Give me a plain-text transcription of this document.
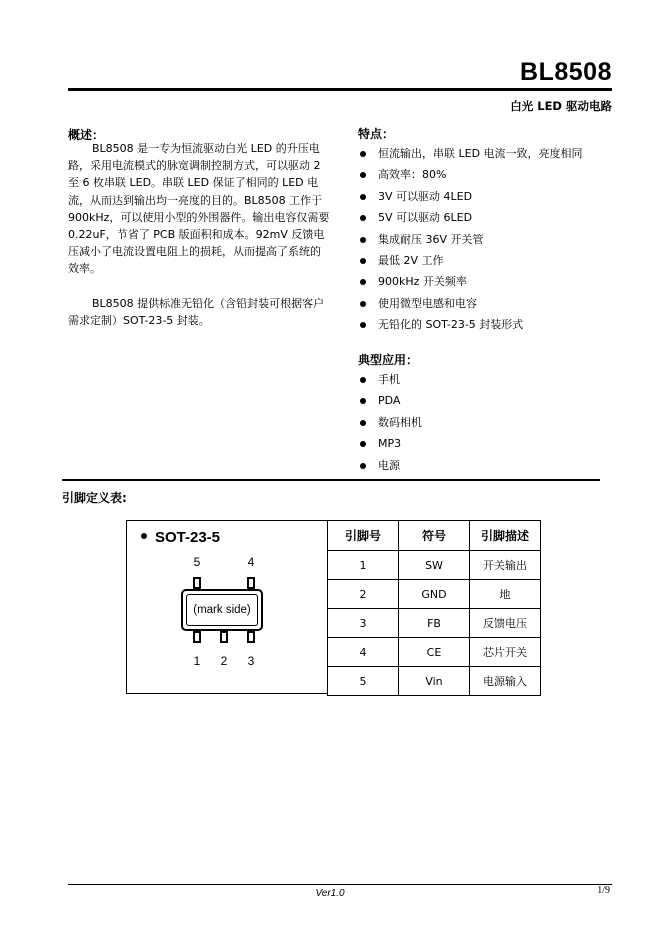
BL8508
白光 LED 驱动电路
概述：

BL8508 是一专为恒流驱动白光 LED 的升压电路，采用电流模式的脉宽调制控制方式，可以驱动 2 至 6 枚串联 LED。串联 LED 保证了相同的 LED 电流，从而达到输出均一亮度的目的。BL8508 工作于 900kHz，可以使用小型的外围器件。输出电容仅需要 0.22uF，节省了 PCB 版面积和成本。92mV 反馈电压减小了电流设置电阻上的损耗，从而提高了系统的效率。

BL8508 提供标准无铅化（含铅封装可根据客户需求定制）SOT-23-5 封装。

特点：
恒流输出，串联 LED 电流一致，亮度相同
高效率：80%
3V 可以驱动 4LED
5V 可以驱动 6LED
集成耐压 36V 开关管
最低 2V 工作
900kHz 开关频率
使用微型电感和电容
无铅化的 SOT-23-5 封装形式
典型应用：
手机
PDA
数码相机
MP3
电源
引脚定义表:
SOT-23-5
5	4
(mark side)
1	2	3
引脚号	符号	引脚描述
1	SW	开关输出
2	GND	地
3	FB	反馈电压
4	CE	芯片开关
5	Vin	电源输入
Ver1.0	1/9
